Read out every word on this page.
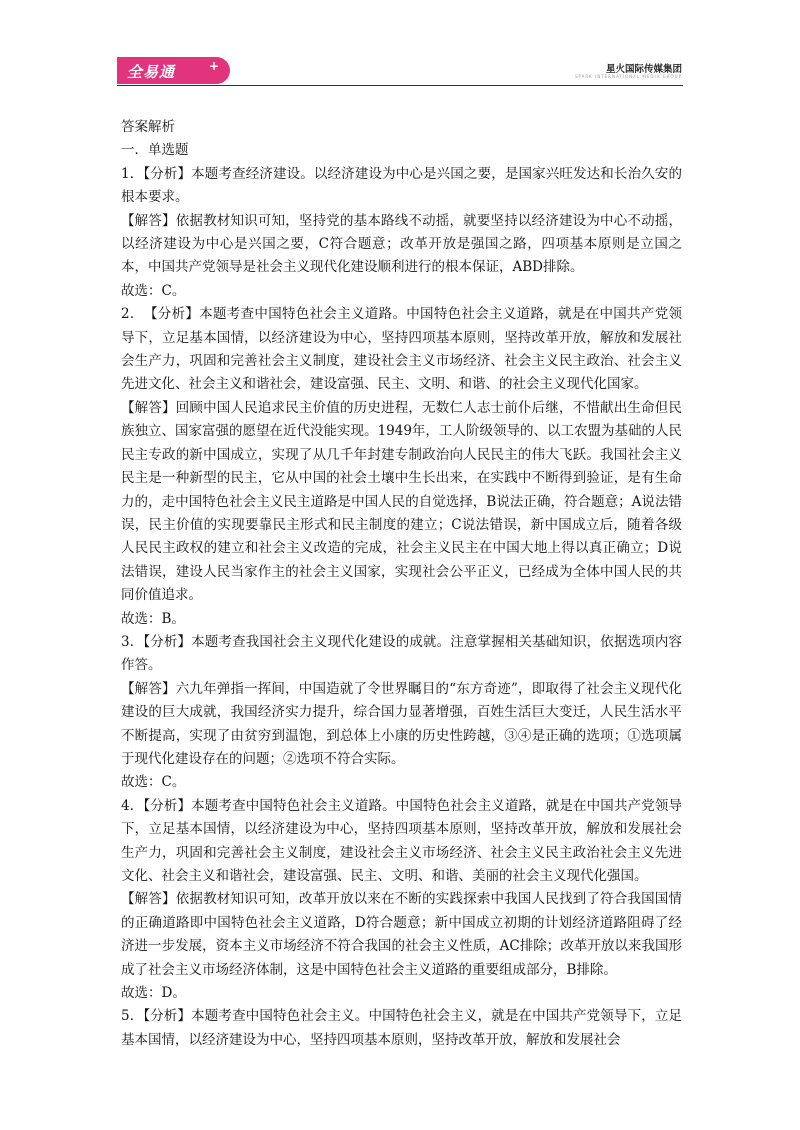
全易通	+	星火国际传媒集团
SPARK INTERNATIONAL MEDIA GROUP

答案解析

一．单选题

1．【分析】本题考查经济建设。以经济建设为中心是兴国之要，是国家兴旺发达和长治久安的根本要求。

【解答】依据教材知识可知，坚持党的基本路线不动摇，就要坚持以经济建设为中心不动摇，以经济建设为中心是兴国之要，C符合题意；改革开放是强国之路，四项基本原则是立国之本，中国共产党领导是社会主义现代化建设顺利进行的根本保证，ABD排除。

故选：C。

2．　【分析】本题考查中国特色社会主义道路。中国特色社会主义道路，就是在中国共产党领导下，立足基本国情，以经济建设为中心，坚持四项基本原则，坚持改革开放，解放和发展社会生产力，巩固和完善社会主义制度，建设社会主义市场经济、社会主义民主政治、社会主义先进文化、社会主义和谐社会，建设富强、民主、文明、和谐、的社会主义现代化国家。

【解答】回顾中国人民追求民主价值的历史进程，无数仁人志士前仆后继，不惜献出生命但民族独立、国家富强的愿望在近代没能实现。1949年，工人阶级领导的、以工农盟为基础的人民民主专政的新中国成立，实现了从几千年封建专制政治向人民民主的伟大飞跃。我国社会主义民主是一种新型的民主，它从中国的社会土壤中生长出来，在实践中不断得到验证，是有生命力的，走中国特色社会主义民主道路是中国人民的自觉选择，B说法正确，符合题意；A说法错误，民主价值的实现要靠民主形式和民主制度的建立；C说法错误，新中国成立后，随着各级人民民主政权的建立和社会主义改造的完成，社会主义民主在中国大地上得以真正确立；D说法错误，建设人民当家作主的社会主义国家，实现社会公平正义，已经成为全体中国人民的共同价值追求。

故选：B。

3．【分析】本题考查我国社会主义现代化建设的成就。注意掌握相关基础知识，依据选项内容作答。

【解答】六九年弹指一挥间，中国造就了令世界瞩目的“东方奇迹”，即取得了社会主义现代化建设的巨大成就，我国经济实力提升，综合国力显著增强，百姓生活巨大变迁，人民生活水平不断提高，实现了由贫穷到温饱，到总体上小康的历史性跨越，③④是正确的选项；①选项属于现代化建设存在的问题；②选项不符合实际。

故选：C。

4．【分析】本题考查中国特色社会主义道路。中国特色社会主义道路，就是在中国共产党领导下，立足基本国情，以经济建设为中心，坚持四项基本原则，坚持改革开放，解放和发展社会生产力，巩固和完善社会主义制度，建设社会主义市场经济、社会主义民主政治社会主义先进文化、社会主义和谐社会，建设富强、民主、文明、和谐、美丽的社会主义现代化强国。

【解答】依据教材知识可知，改革开放以来在不断的实践探索中我国人民找到了符合我国国情的正确道路即中国特色社会主义道路，D符合题意；新中国成立初期的计划经济道路阻碍了经济进一步发展，资本主义市场经济不符合我国的社会主义性质，AC排除；改革开放以来我国形成了社会主义市场经济体制，这是中国特色社会主义道路的重要组成部分，B排除。

故选：D。

5．【分析】本题考查中国特色社会主义。中国特色社会主义，就是在中国共产党领导下，立足基本国情，以经济建设为中心，坚持四项基本原则，坚持改革开放，解放和发展社会
